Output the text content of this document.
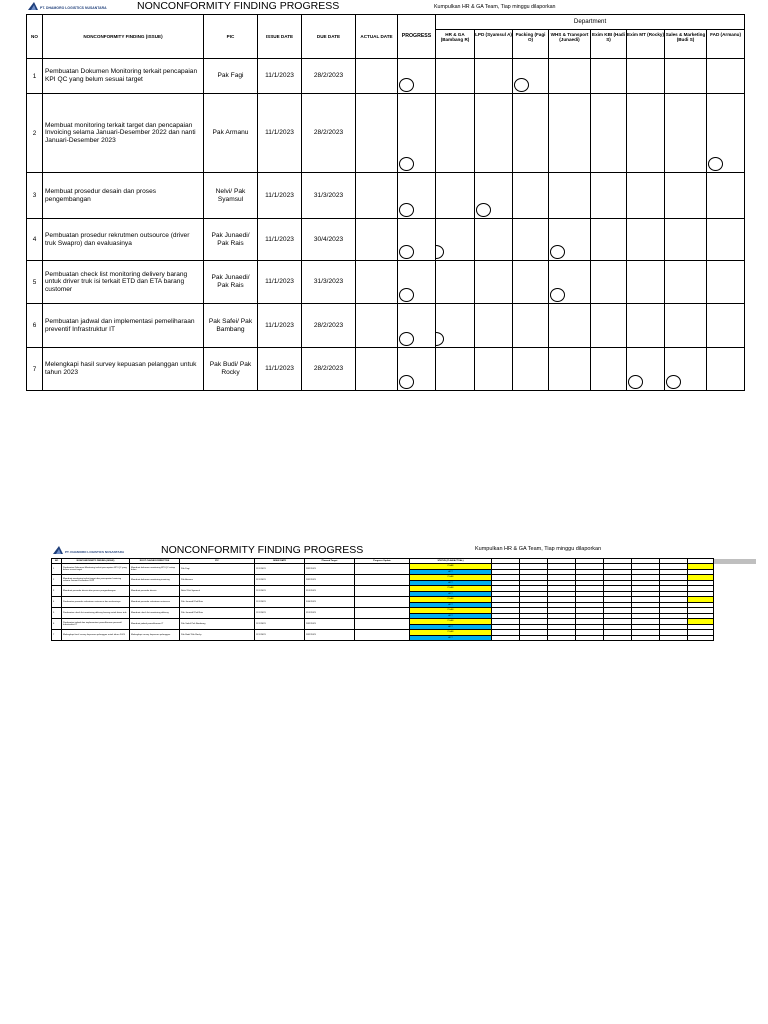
PT. DHAMORO LOGISTICS NUSANTARA	NONCONFORMITY FINDING PROGRESS	Kumpulkan HR & GA Team, Tiap minggu dilaporkan
NO	NONCONFORMITY FINDING (ISSUE)	PIC	ISSUE DATE	DUE DATE	ACTUAL DATE	PROGRESS	Department							
							HR & GA (Bambang R)	LPD (Syamsul A)	Packing (Fagi O)	WHS & Transport (Junaedi)	Exim KBI (Hadi S)	Exim MT (Rocky)	Sales & Marketing (Budi S)	FAD (Armanu)
1	Pembuatan Dokumen Monitoring terkait pencapaian KPI QC yang belum sesuai target	Pak Fagi	11/1/2023	28/2/2023		

2	Membuat monitoring terkait target dan pencapaian Invoicing selama Januari-Desember 2022 dan nanti Januari-Desember 2023	Pak Armanu	11/1/2023	28/2/2023		

3	Membuat prosedur desain dan proses pengembangan	Nelvi/ Pak Syamsul	11/1/2023	31/3/2023		

4	Pembuatan prosedur rekrutmen outsource (driver truk Swapro) dan evaluasinya	Pak Junaedi/ Pak Rais	11/1/2023	30/4/2023		

5	Pembuatan check list monitoring delivery barang untuk driver truk isi terkait ETD dan ETA barang customer	Pak Junaedi/ Pak Rais	11/1/2023	31/3/2023		

6	Pembuatan jadwal dan implementasi pemeliharaan preventif Infrastruktur IT	Pak Safei/ Pak Bambang	11/1/2023	28/2/2023		

7	Melengkapi hasil survey kepuasan pelanggan untuk tahun 2023	Pak Budi/ Pak Rocky	11/1/2023	28/2/2023		

PT. DHAMORO LOGISTICS NUSANTARA	NONCONFORMITY FINDING PROGRESS	Kumpulkan HR & GA Team, Tiap minggu dilaporkan
NO	NONCONFORMITY FINDING (ISSUE)	ROOT CAUSE/CORRECTIVE	PIC	ISSUE DATE	Planned Target	Progress Update	STATUS (PLAN/ACTUAL)								
1	Pembuatan Dokumen Monitoring terkait pencapaian KPI QC yang belum sesuai target	Membuat dokumen monitoring KPI QC setiap bulan	Pak Fagi	11/1/2023	28/2/2023		PLAN								
							ACT								
2	Membuat monitoring terkait target dan pencapaian Invoicing selama Januari-Desember 2022	Membuat dokumen monitoring invoicing	Pak Armanu	11/1/2023	28/2/2023		PLAN								
							ACT								
3	Membuat prosedur desain dan proses pengembangan	Membuat prosedur desain	Nelvi/ Pak Syamsul	11/1/2023	31/3/2023		PLAN								
							ACT								
4	Pembuatan prosedur rekrutmen outsource dan evaluasinya	Membuat prosedur rekrutmen outsource	Pak Junaedi/ Pak Rais	11/1/2023	30/4/2023		PLAN								
							ACT								
5	Pembuatan check list monitoring delivery barang untuk driver truk	Membuat check list monitoring delivery	Pak Junaedi/ Pak Rais	11/1/2023	31/3/2023		PLAN								
							ACT								
6	Pembuatan jadwal dan implementasi pemeliharaan preventif Infrastruktur IT	Membuat jadwal pemeliharaan IT	Pak Safei/ Pak Bambang	11/1/2023	28/2/2023		PLAN								
							ACT								
7	Melengkapi hasil survey kepuasan pelanggan untuk tahun 2023	Melengkapi survey kepuasan pelanggan	Pak Budi/ Pak Rocky	11/1/2023	28/2/2023		PLAN								
							ACT								
